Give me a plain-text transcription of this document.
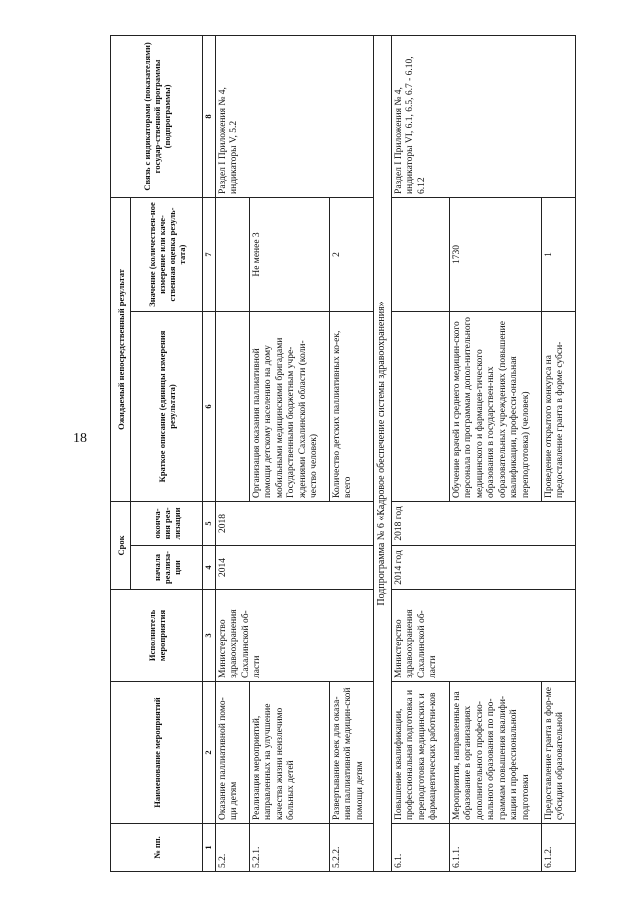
18
№ пп.	Наименование мероприятий	Исполнитель мероприятия	Срок		Ожидаемый непосредственный результат		Связь с индикаторами (показателями) государ-ственной программы (подпрограммы)
			начала реализа-ции	оконча-ния реа-лизации	Краткое описание (единицы измерения результата)	Значение (количествен-ное измерение или каче-ственная оценка резуль-тата)	
1	2	3	4	5	6	7	8
5.2.	Оказание паллиативной помо-щи детям	Министерство здравоохранения Сахалинской об-ласти	2014	2018			Раздел I Приложения № 4, индикаторы V, 5.2
5.2.1.	Реализация мероприятий, направленных на улучшение качества жизни неизлечимо больных детей				Организация оказания паллиативной помощи детскому населению на дому мобильными медицинскими бригадами Государственными бюджетным учре-ждениями Сахалинской области (коли-чество человек)	Не менее 3	
5.2.2.	Развертывание коек для оказа-ния паллиативной медицин-ской помощи детям				Количество детских паллиативных ко-ек, всего	2	
Подпрограмма № 6 «Кадровое обеспечение системы здравоохранения»							
6.1.	Повышение квалификации, профессиональная подготовка и переподготовка медицинских и фармацевтических работни-ков	Министерство здравоохранения Сахалинской об-ласти	2014 год	2018 год			Раздел I Приложения № 4, индикаторы VI, 6.1, 6.5, 6.7 - 6.10, 6.12
6.1.1.	Мероприятия, направленные на образование в организациях дополнительного профессио-нального образования по про-граммам повышения квалифи-кации и профессиональной подготовки				Обучение врачей и среднего медицин-ского персонала по программам допол-нительного медицинского и фармацев-тического образования в государствен-ных образовательных учреждениях (повышение квалификации, професси-ональная переподготовка) (человек)	1730	
6.1.2.	Предоставление гранта в фор-ме субсидии образовательной				Проведение открытого конкурса на предоставление гранта в форме субси-	1	
